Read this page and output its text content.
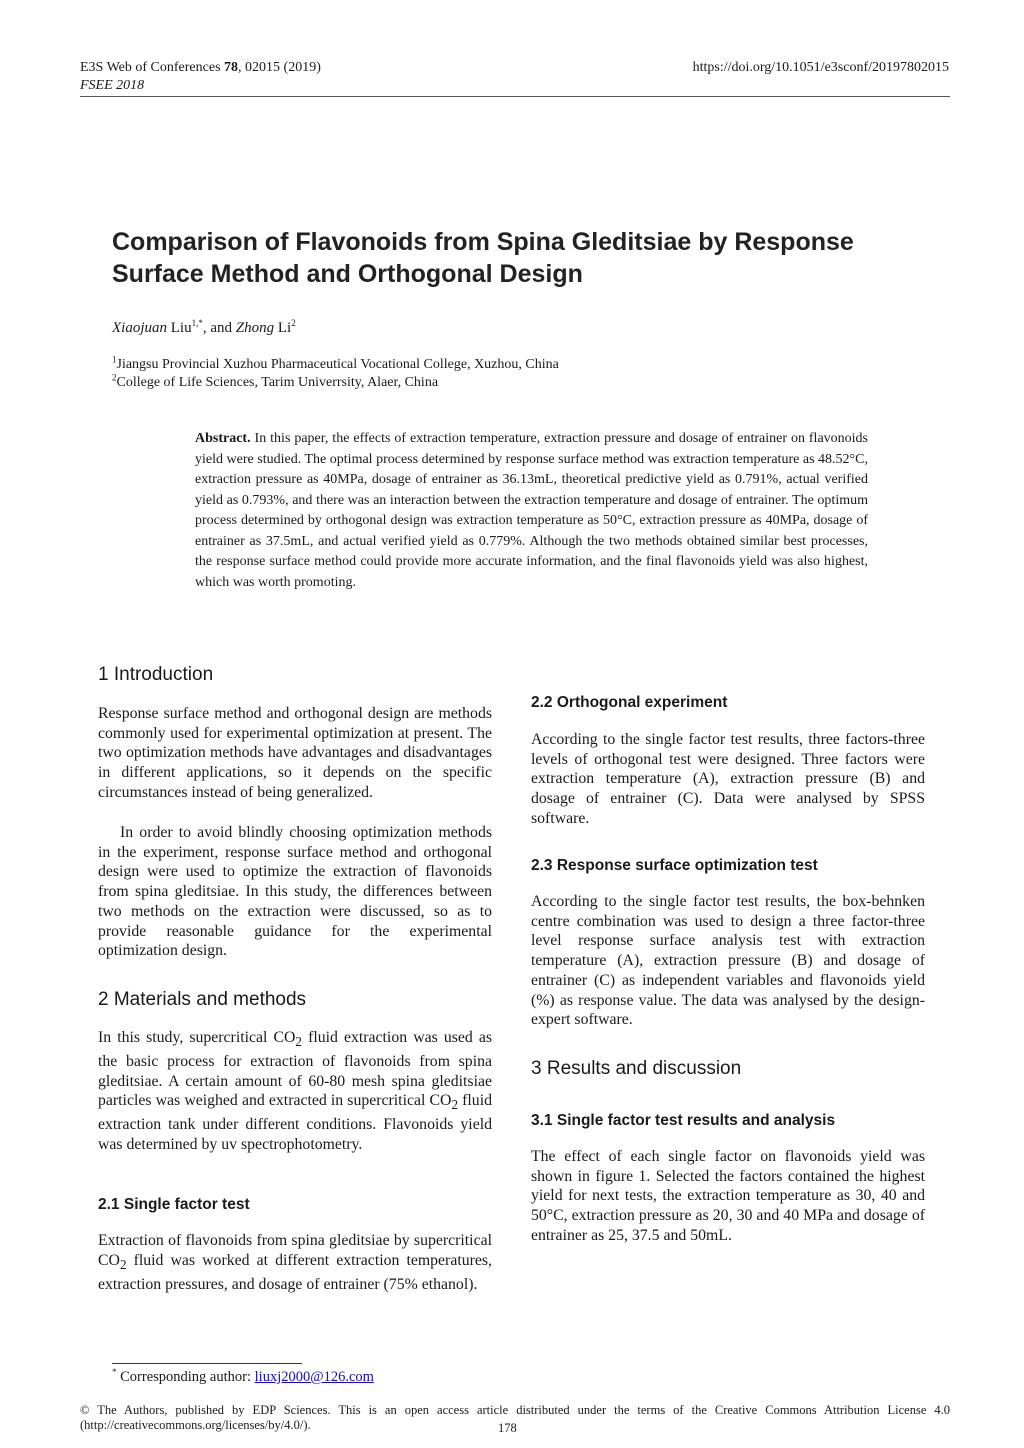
E3S Web of Conferences 78, 02015 (2019)
FSEE 2018
https://doi.org/10.1051/e3sconf/20197802015
Comparison of Flavonoids from Spina Gleditsiae by Response Surface Method and Orthogonal Design
Xiaojuan Liu$^{1,*}$, and Zhong Li$^2$
$^1$Jiangsu Provincial Xuzhou Pharmaceutical Vocational College, Xuzhou, China
$^2$College of Life Sciences, Tarim Univerrsity, Alaer, China
Abstract. In this paper, the effects of extraction temperature, extraction pressure and dosage of entrainer on flavonoids yield were studied. The optimal process determined by response surface method was extraction temperature as 48.52°C, extraction pressure as 40MPa, dosage of entrainer as 36.13mL, theoretical predictive yield as 0.791%, actual verified yield as 0.793%, and there was an interaction between the extraction temperature and dosage of entrainer. The optimum process determined by orthogonal design was extraction temperature as 50°C, extraction pressure as 40MPa, dosage of entrainer as 37.5mL, and actual verified yield as 0.779%. Although the two methods obtained similar best processes, the response surface method could provide more accurate information, and the final flavonoids yield was also highest, which was worth promoting.
1 Introduction
Response surface method and orthogonal design are methods commonly used for experimental optimization at present. The two optimization methods have advantages and disadvantages in different applications, so it depends on the specific circumstances instead of being generalized.
In order to avoid blindly choosing optimization methods in the experiment, response surface method and orthogonal design were used to optimize the extraction of flavonoids from spina gleditsiae. In this study, the differences between two methods on the extraction were discussed, so as to provide reasonable guidance for the experimental optimization design.
2 Materials and methods
In this study, supercritical $CO_2$ fluid extraction was used as the basic process for extraction of flavonoids from spina gleditsiae. A certain amount of 60-80 mesh spina gleditsiae particles was weighed and extracted in supercritical $CO_2$ fluid extraction tank under different conditions. Flavonoids yield was determined by uv spectrophotometry.
2.1 Single factor test
Extraction of flavonoids from spina gleditsiae by supercritical $CO_2$ fluid was worked at different extraction temperatures, extraction pressures, and dosage of entrainer (75% ethanol).
2.2 Orthogonal experiment
According to the single factor test results, three factors-three levels of orthogonal test were designed. Three factors were extraction temperature (A), extraction pressure (B) and dosage of entrainer (C). Data were analysed by SPSS software.
2.3 Response surface optimization test
According to the single factor test results, the box-behnken centre combination was used to design a three factor-three level response surface analysis test with extraction temperature (A), extraction pressure (B) and dosage of entrainer (C) as independent variables and flavonoids yield (%) as response value. The data was analysed by the design-expert software.
3 Results and discussion
3.1 Single factor test results and analysis
The effect of each single factor on flavonoids yield was shown in figure 1. Selected the factors contained the highest yield for next tests, the extraction temperature as 30, 40 and 50°C, extraction pressure as 20, 30 and 40 MPa and dosage of entrainer as 25, 37.5 and 50mL.
* Corresponding author: liuxj2000@126.com
© The Authors, published by EDP Sciences. This is an open access article distributed under the terms of the Creative Commons Attribution License 4.0 (http://creativecommons.org/licenses/by/4.0/).	178
